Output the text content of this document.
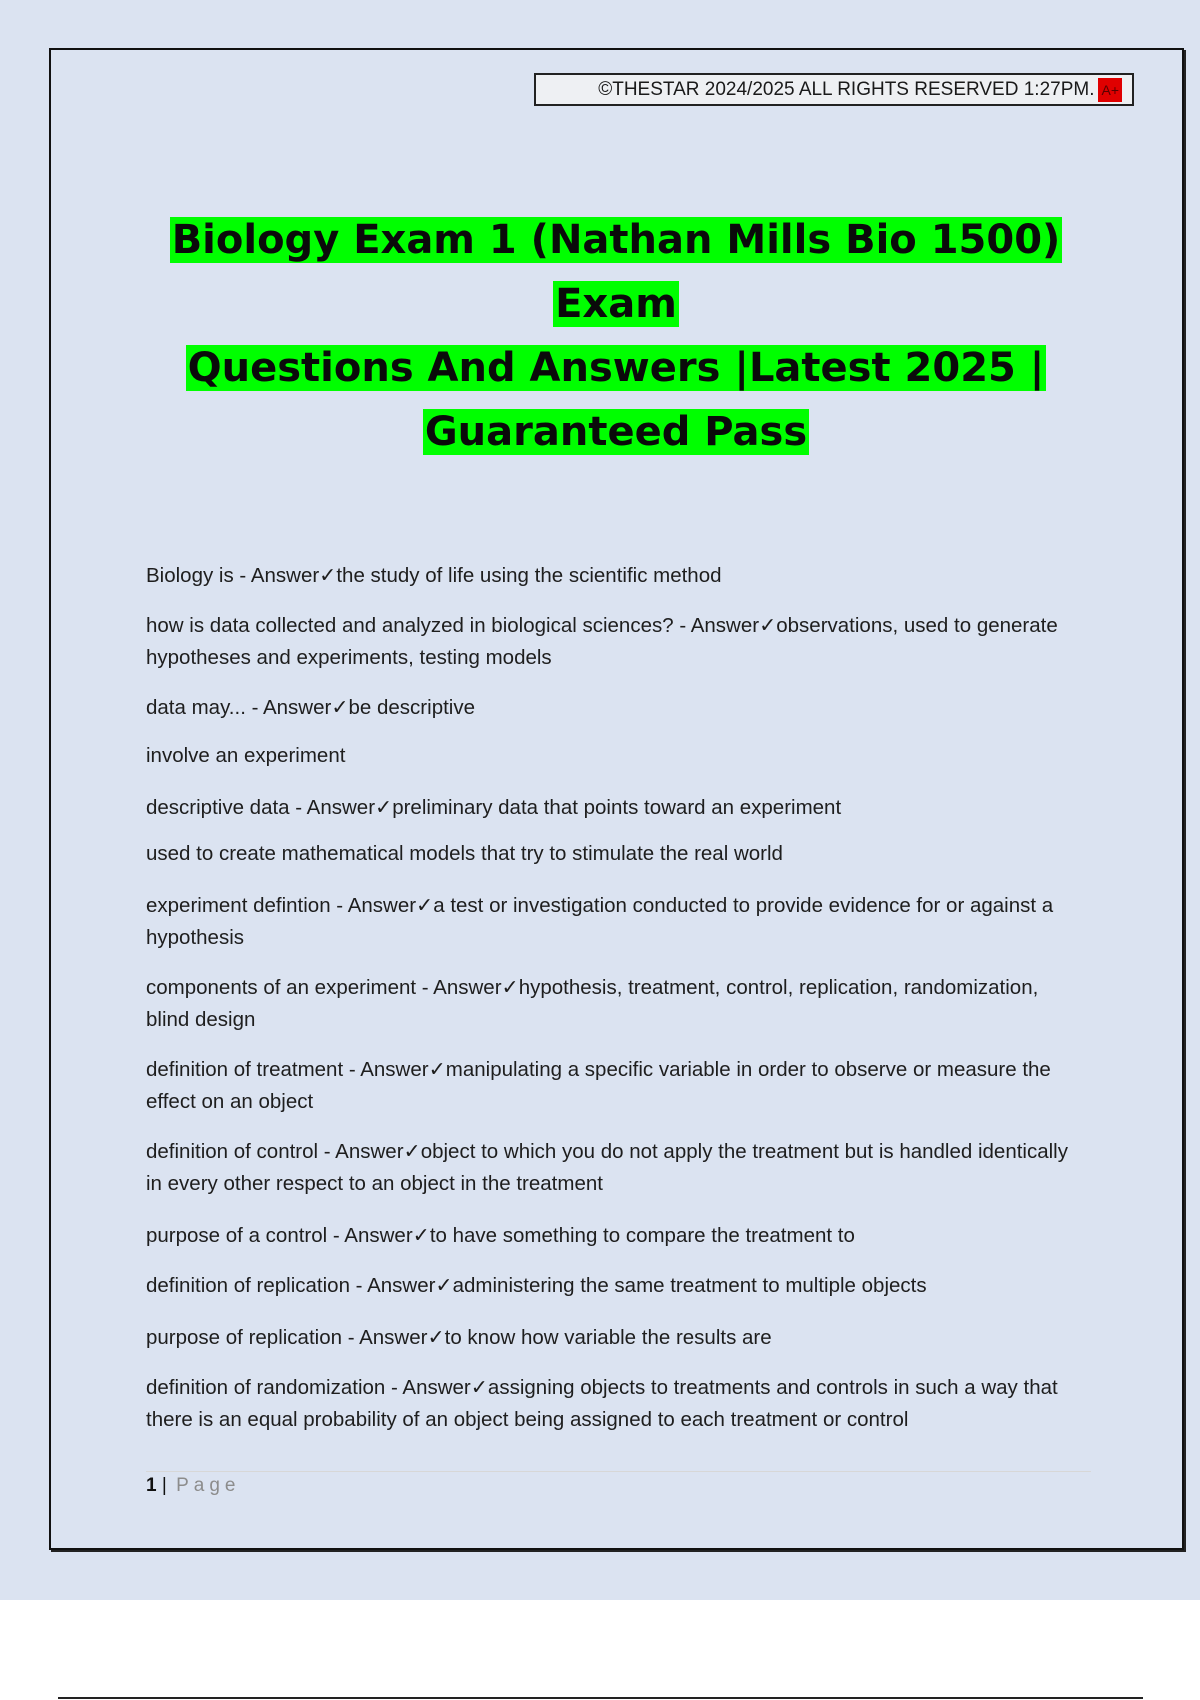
©THESTAR 2024/2025 ALL RIGHTS RESERVED 1:27PM. A+
Biology Exam 1 (Nathan Mills Bio 1500) Exam
Questions And Answers |Latest 2025 |
Guaranteed Pass
Biology is - Answer✓the study of life using the scientific method
how is data collected and analyzed in biological sciences? - Answer✓observations, used to generate hypotheses and experiments, testing models
data may... - Answer✓be descriptive
involve an experiment
descriptive data - Answer✓preliminary data that points toward an experiment
used to create mathematical models that try to stimulate the real world
experiment defintion - Answer✓a test or investigation conducted to provide evidence for or against a hypothesis
components of an experiment - Answer✓hypothesis, treatment, control, replication, randomization, blind design
definition of treatment - Answer✓manipulating a specific variable in order to observe or measure the effect on an object
definition of control - Answer✓object to which you do not apply the treatment but is handled identically in every other respect to an object in the treatment
purpose of a control - Answer✓to have something to compare the treatment to
definition of replication - Answer✓administering the same treatment to multiple objects
purpose of replication - Answer✓to know how variable the results are
definition of randomization - Answer✓assigning objects to treatments and controls in such a way that there is an equal probability of an object being assigned to each treatment or control
1 | Page
